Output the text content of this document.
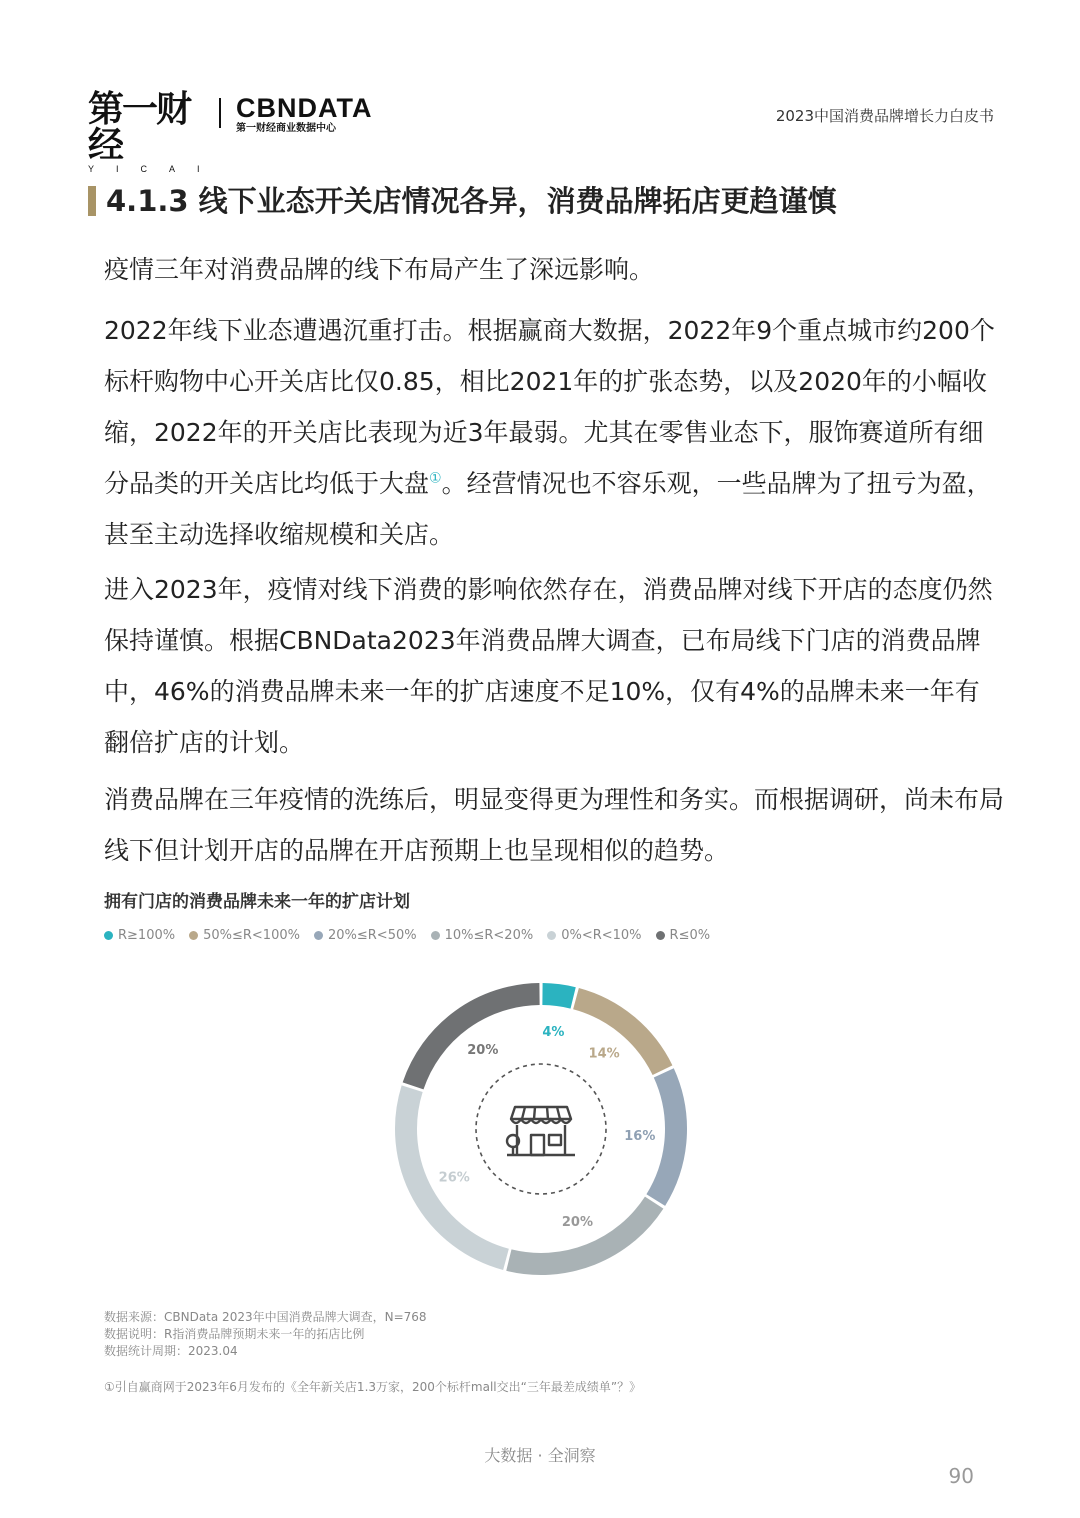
第一财经
YICAI
CBNDATA
第一财经商业数据中心
2023中国消费品牌增长力白皮书
4.1.3 线下业态开关店情况各异，消费品牌拓店更趋谨慎

疫情三年对消费品牌的线下布局产生了深远影响。

2022年线下业态遭遇沉重打击。根据赢商大数据，2022年9个重点城市约200个标杆购物中心开关店比仅0.85，相比2021年的扩张态势，以及2020年的小幅收缩，2022年的开关店比表现为近3年最弱。尤其在零售业态下，服饰赛道所有细分品类的开关店比均低于大盘①。经营情况也不容乐观，一些品牌为了扭亏为盈，甚至主动选择收缩规模和关店。

进入2023年，疫情对线下消费的影响依然存在，消费品牌对线下开店的态度仍然保持谨慎。根据CBNData2023年消费品牌大调查，已布局线下门店的消费品牌中，46%的消费品牌未来一年的扩店速度不足10%，仅有4%的品牌未来一年有翻倍扩店的计划。

消费品牌在三年疫情的洗练后，明显变得更为理性和务实。而根据调研，尚未布局线下但计划开店的品牌在开店预期上也呈现相似的趋势。

拥有门店的消费品牌未来一年的扩店计划
R≥100% 50%≤R<100% 20%≤R<50% 10%≤R<20% 0%<R<10% R≤0%
4%
14%
16%
20%
26%
20%
数据来源：CBNData 2023年中国消费品牌大调查，N=768
数据说明：R指消费品牌预期未来一年的拓店比例
数据统计周期：2023.04
①引自赢商网于2023年6月发布的《全年新关店1.3万家，200个标杆mall交出“三年最差成绩单”？》
大数据 · 全洞察
90
